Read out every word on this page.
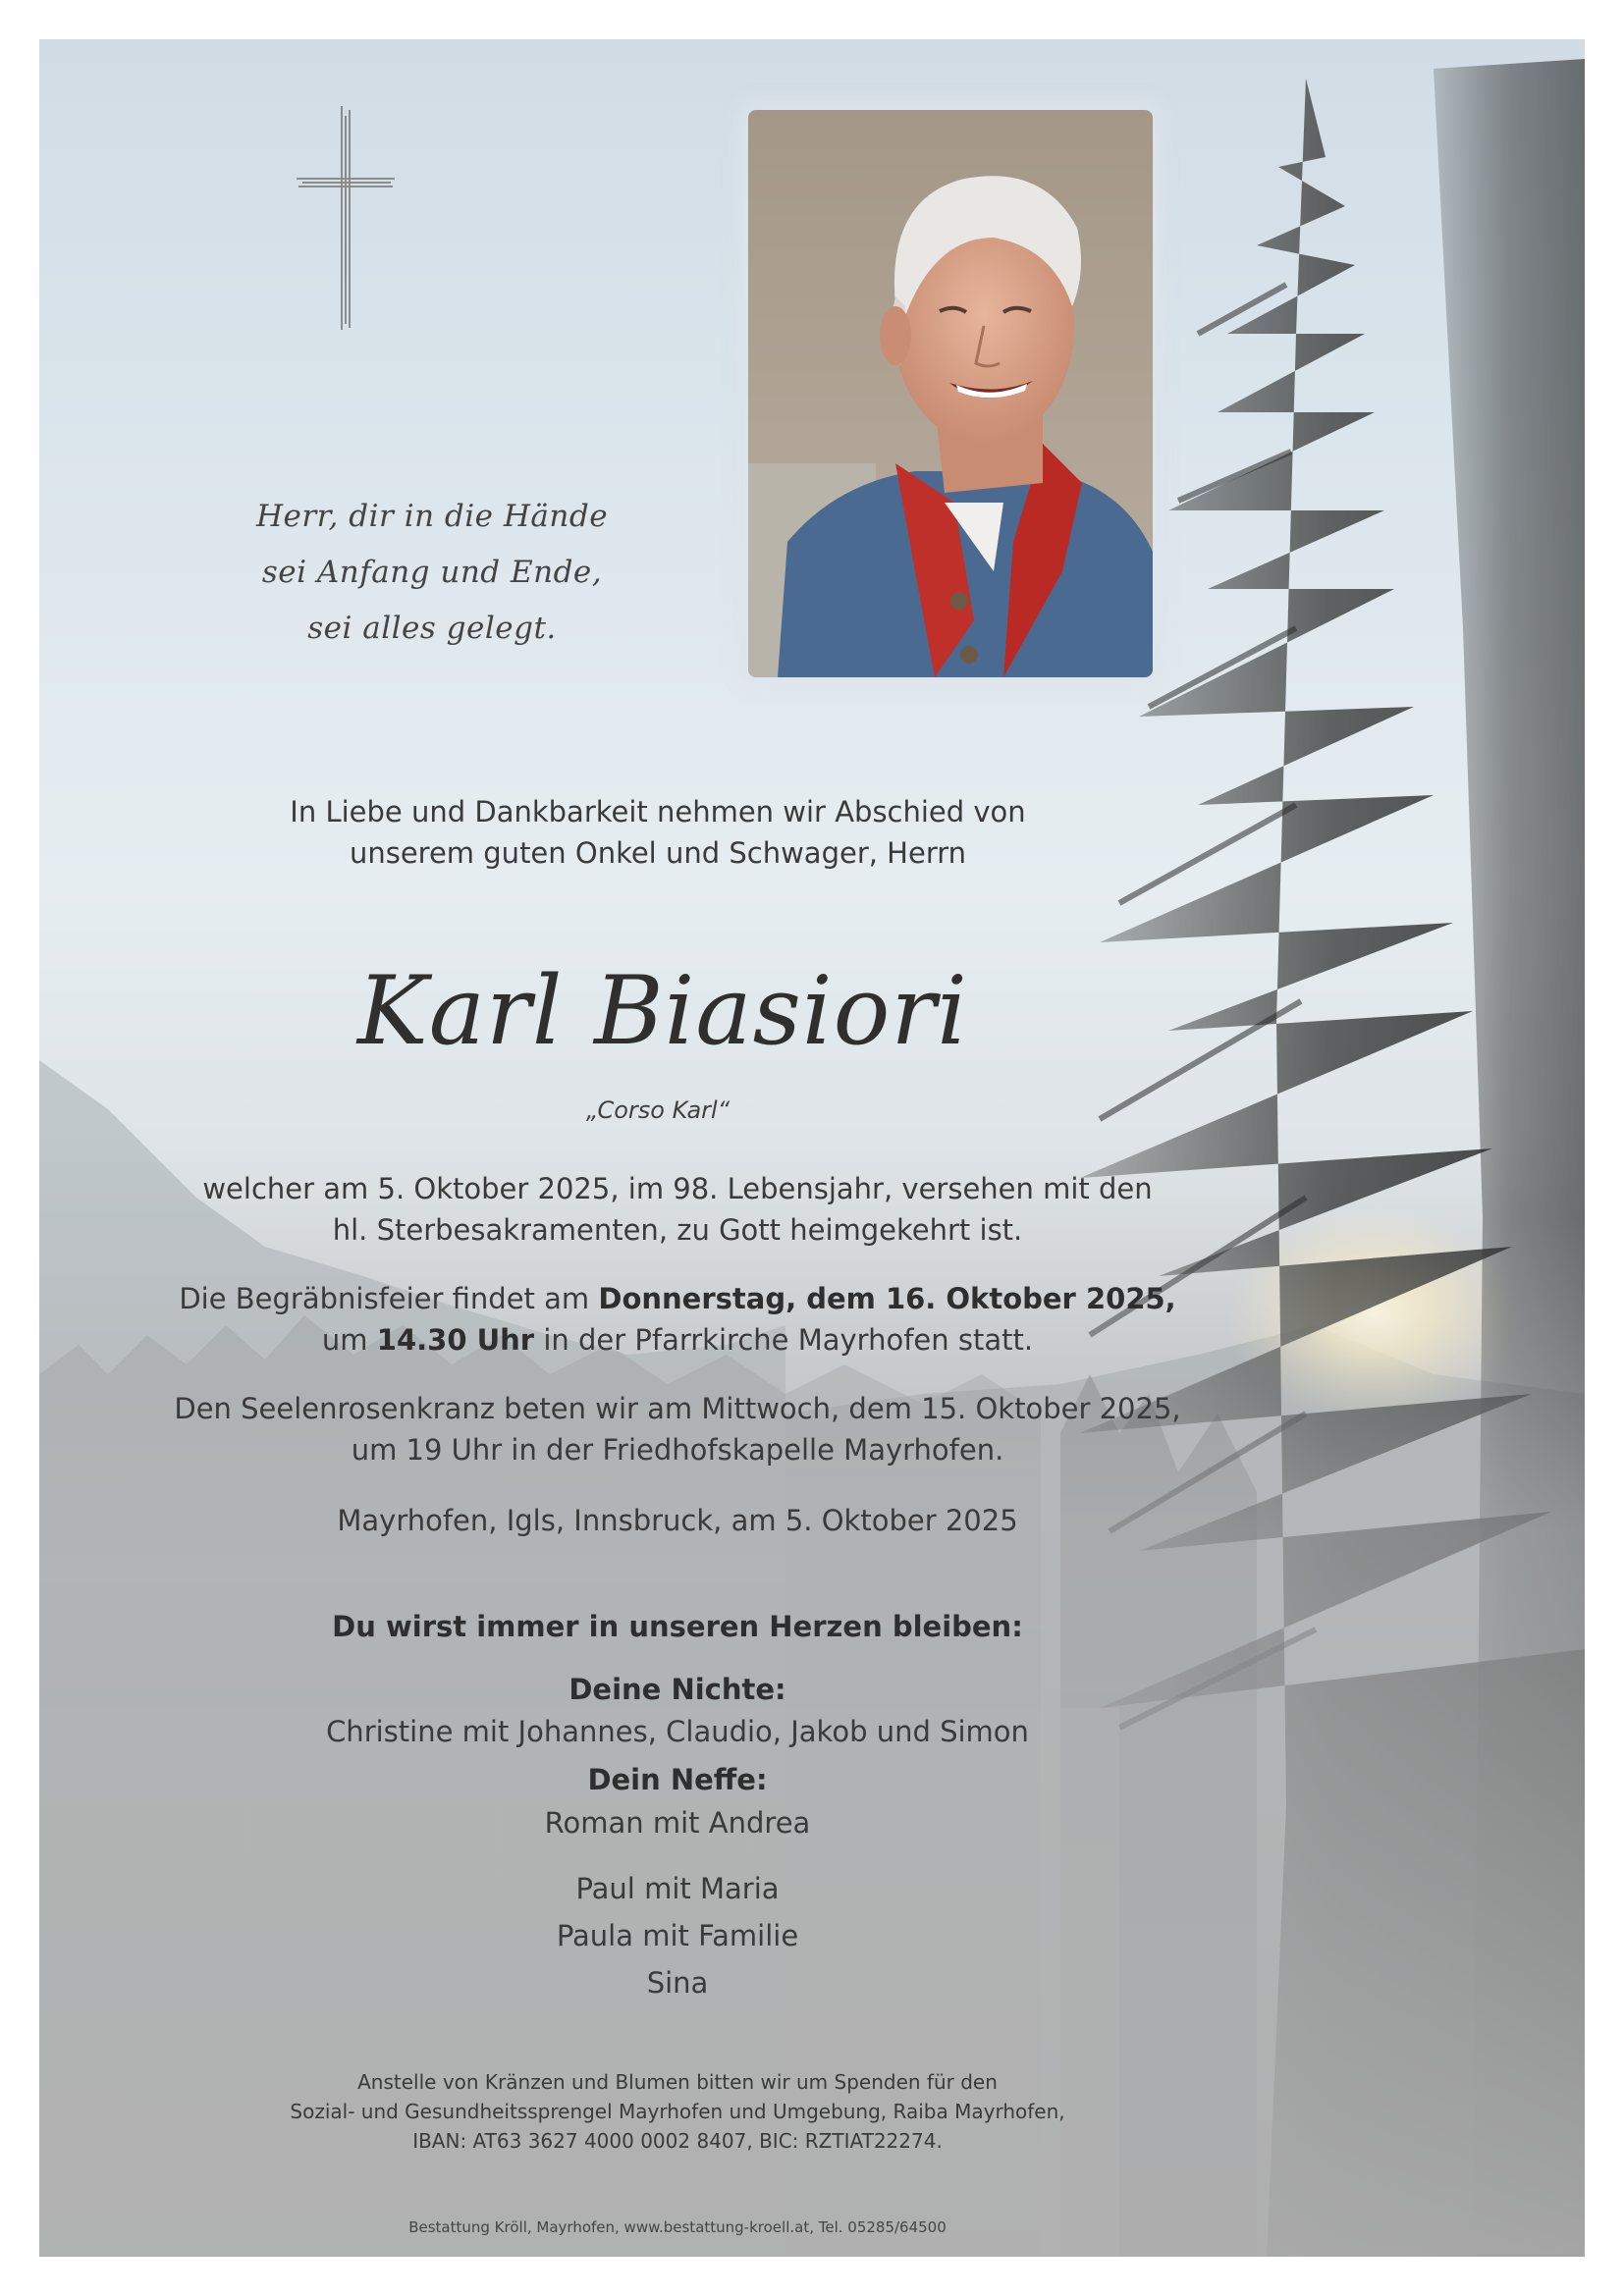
Herr, dir in die Hände
sei Anfang und Ende,
sei alles gelegt.
In Liebe und Dankbarkeit nehmen wir Abschied von
unserem guten Onkel und Schwager, Herrn
Karl Biasiori
„Corso Karl“
welcher am 5. Oktober 2025, im 98. Lebensjahr, versehen mit den
hl. Sterbesakramenten, zu Gott heimgekehrt ist.
Die Begräbnisfeier findet am Donnerstag, dem 16. Oktober 2025,
um 14.30 Uhr in der Pfarrkirche Mayrhofen statt.
Den Seelenrosenkranz beten wir am Mittwoch, dem 15. Oktober 2025,
um 19 Uhr in der Friedhofskapelle Mayrhofen.
Mayrhofen, Igls, Innsbruck, am 5. Oktober 2025
Du wirst immer in unseren Herzen bleiben:
Deine Nichte:
Christine mit Johannes, Claudio, Jakob und Simon
Dein Neffe:
Roman mit Andrea
Paul mit Maria
Paula mit Familie
Sina
Anstelle von Kränzen und Blumen bitten wir um Spenden für den
Sozial- und Gesundheitssprengel Mayrhofen und Umgebung, Raiba Mayrhofen,
IBAN: AT63 3627 4000 0002 8407, BIC: RZTIAT22274.
Bestattung Kröll, Mayrhofen, www.bestattung-kroell.at, Tel. 05285/64500
